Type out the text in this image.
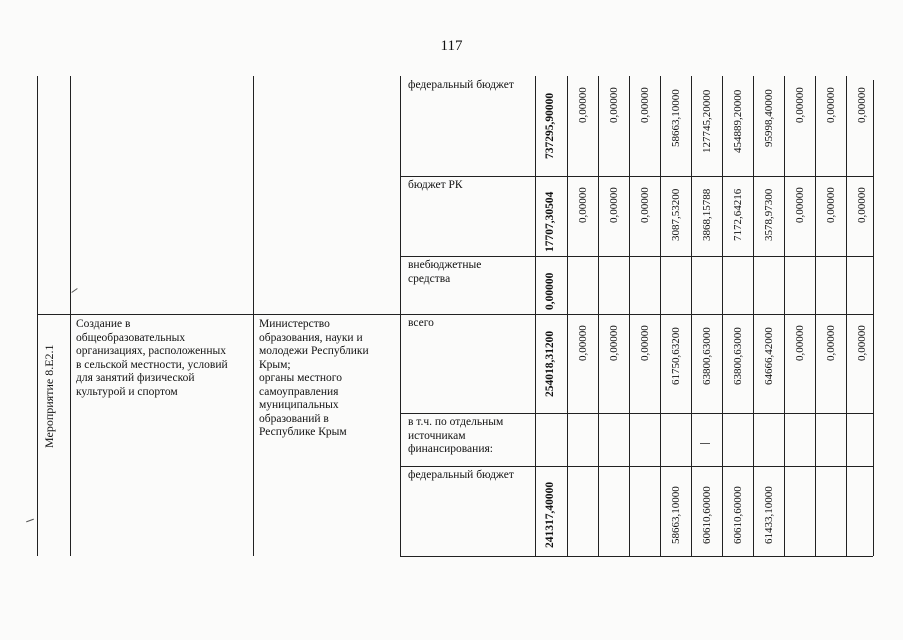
117
Мероприятие 8.Е2.1
Создание в
общеобразовательных
организациях, расположенных
в сельской местности, условий
для занятий физической
культурой и спортом
Министерство
образования, науки и
молодежи Республики
Крым;
органы местного
самоуправления
муниципальных
образований в
Республике Крым
федеральный бюджет
737295,90000 0,00000 0,00000 0,00000 58663,10000 127745,20000 454889,20000 95998,40000 0,00000 0,00000 0,00000
бюджет РК
17707,30504 0,00000 0,00000 0,00000 3087,53200 3868,15788 7172,64216 3578,97300 0,00000 0,00000 0,00000
внебюджетные
средства	0,00000
всего
254018,31200 0,00000 0,00000 0,00000 61750,63200 63800,63000 63800,63000 64666,42000 0,00000 0,00000 0,00000
в т.ч. по отдельным
источникам
финансирования:
федеральный бюджет
241317,40000	58663,10000 60610,60000 60610,60000 61433,10000
